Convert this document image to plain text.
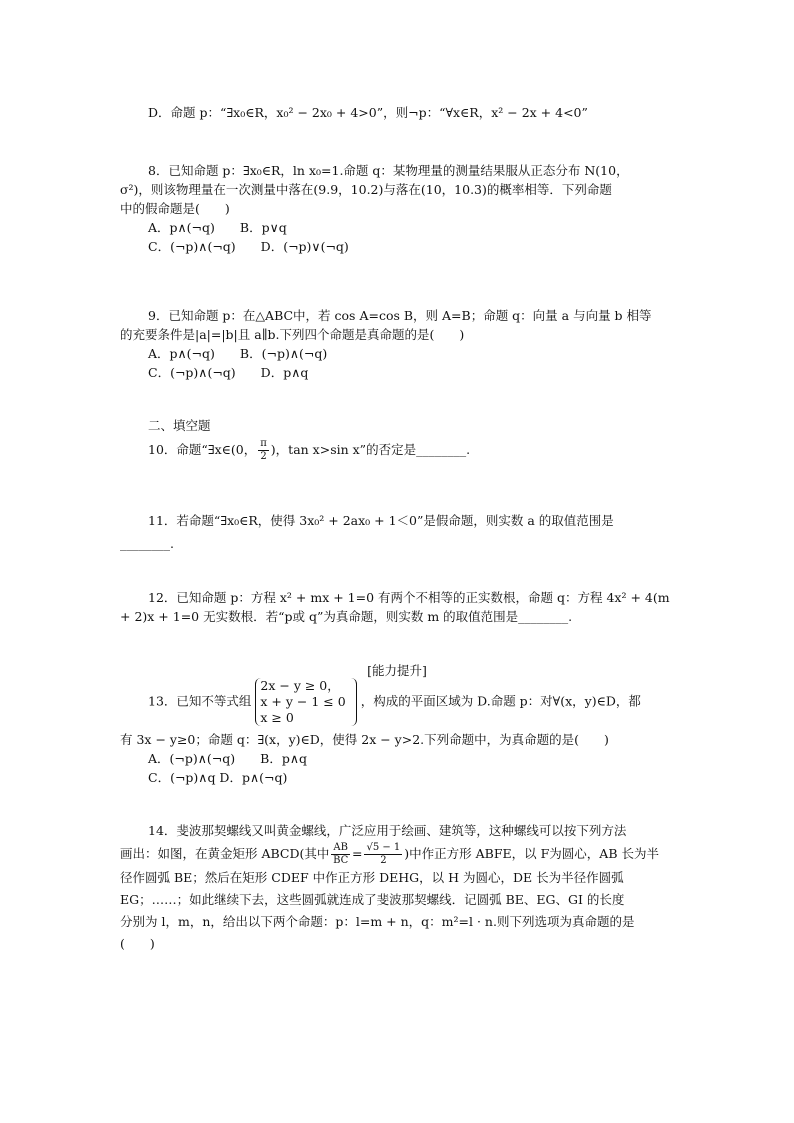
D．命题 p：“∃x₀∈R，x₀² − 2x₀ + 4>0”，则¬p：“∀x∈R，x² − 2x + 4<0”
8．已知命题 p：∃x₀∈R，ln x₀=1.命题 q：某物理量的测量结果服从正态分布 N(10，
σ²)，则该物理量在一次测量中落在(9.9，10.2)与落在(10，10.3)的概率相等．下列命题
中的假命题是(　　)
A．p∧(¬q)　　B．p∨q
C．(¬p)∧(¬q)　　D．(¬p)∨(¬q)
9．已知命题 p：在△ABC中，若 cos A=cos B，则 A=B；命题 q：向量 a 与向量 b 相等
的充要条件是|a|=|b|且 a∥b.下列四个命题是真命题的是(　　)
A．p∧(¬q)　　B．(¬p)∧(¬q)
C．(¬p)∧(¬q)　　D．p∧q
二、填空题
10．命题“∃x∈(0， $\frac{\pi}{2}$ )，tan x>sin x”的否定是________.
11．若命题“∃x₀∈R，使得 3x₀² + 2ax₀ + 1＜0”是假命题，则实数 a 的取值范围是
________.
12．已知命题 p：方程 x² + mx + 1=0 有两个不相等的正实数根，命题 q：方程 4x² + 4(m
+ 2)x + 1=0 无实数根．若“p或 q”为真命题，则实数 m 的取值范围是________.
[能力提升]
13．已知不等式组
2x − y ≥ 0，
x + y − 1 ≤ 0
x ≥ 0
，构成的平面区域为 D.命题 p：对∀(x，y)∈D，都
有 3x − y≥0；命题 q：∃(x，y)∈D，使得 2x − y>2.下列命题中，为真命题的是(　　)
A．(¬p)∧(¬q)　　B．p∧q
C．(¬p)∧q D．p∧(¬q)
14．斐波那契螺线又叫黄金螺线，广泛应用于绘画、建筑等，这种螺线可以按下列方法
画出：如图，在黄金矩形 ABCD(其中 $\frac{AB}{BC} = \frac{√5 - 1}{2}$ )中作正方形 ABFE，以 F为圆心，AB 长为半
径作圆弧 BE；然后在矩形 CDEF 中作正方形 DEHG，以 H 为圆心，DE 长为半径作圆弧
EG；……；如此继续下去，这些圆弧就连成了斐波那契螺线．记圆弧 BE、EG、GI 的长度
分别为 l，m，n，给出以下两个命题：p：l=m + n，q：m²=l · n.则下列选项为真命题的是
(　　)
